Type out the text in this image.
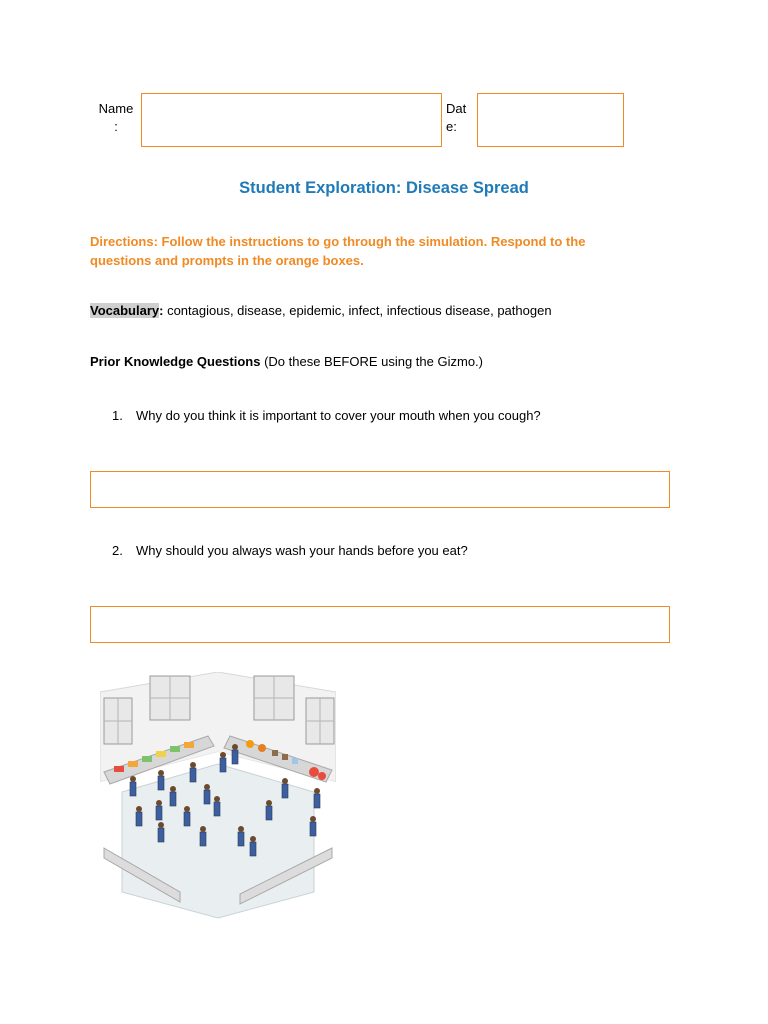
Name
:
Dat
e:
Student Exploration: Disease Spread
Directions: Follow the instructions to go through the simulation. Respond to the questions and prompts in the orange boxes.
Vocabulary: contagious, disease, epidemic, infect, infectious disease, pathogen
Prior Knowledge Questions (Do these BEFORE using the Gizmo.)
1. Why do you think it is important to cover your mouth when you cough?
2. Why should you always wash your hands before you eat?
